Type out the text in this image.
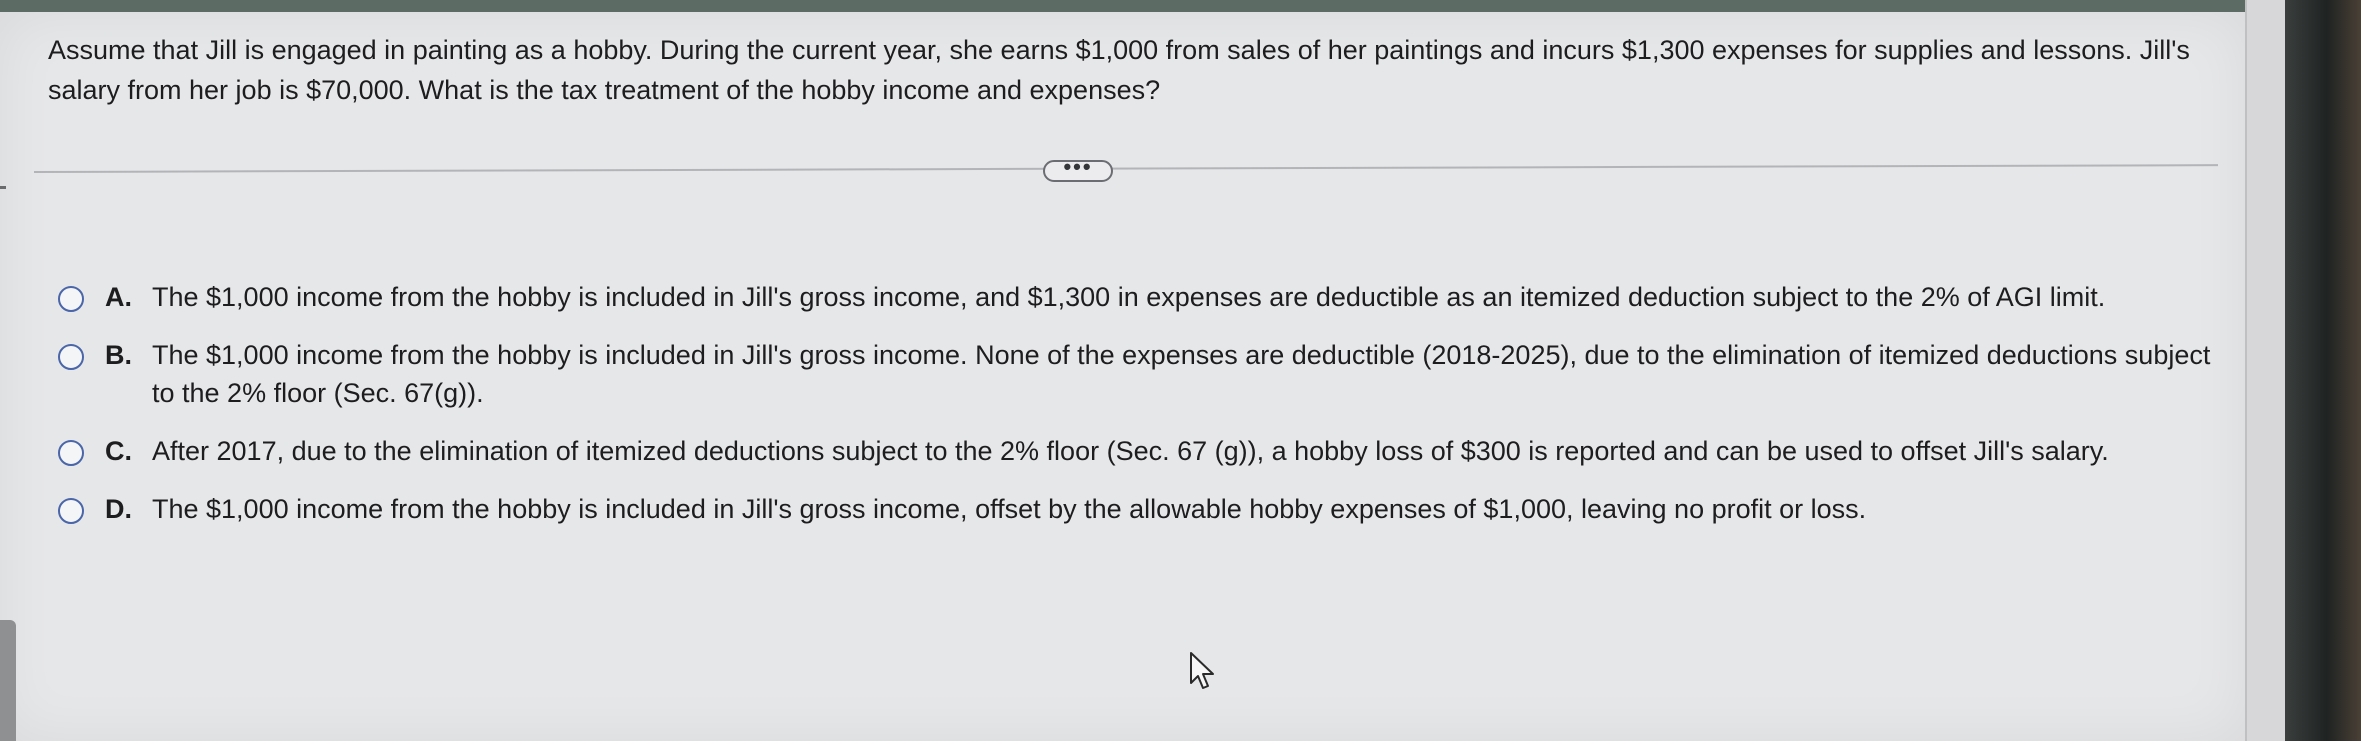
Assume that Jill is engaged in painting as a hobby. During the current year, she earns $1,000 from sales of her paintings and incurs $1,300 expenses for supplies and lessons. Jill's salary from her job is $70,000. What is the tax treatment of the hobby income and expenses?

•••
A. The $1,000 income from the hobby is included in Jill's gross income, and $1,300 in expenses are deductible as an itemized deduction subject to the 2% of AGI limit.
B. The $1,000 income from the hobby is included in Jill's gross income. None of the expenses are deductible (2018-2025), due to the elimination of itemized deductions subject to the 2% floor (Sec. 67(g)).
C. After 2017, due to the elimination of itemized deductions subject to the 2% floor (Sec. 67 (g)), a hobby loss of $300 is reported and can be used to offset Jill's salary.
D. The $1,000 income from the hobby is included in Jill's gross income, offset by the allowable hobby expenses of $1,000, leaving no profit or loss.
